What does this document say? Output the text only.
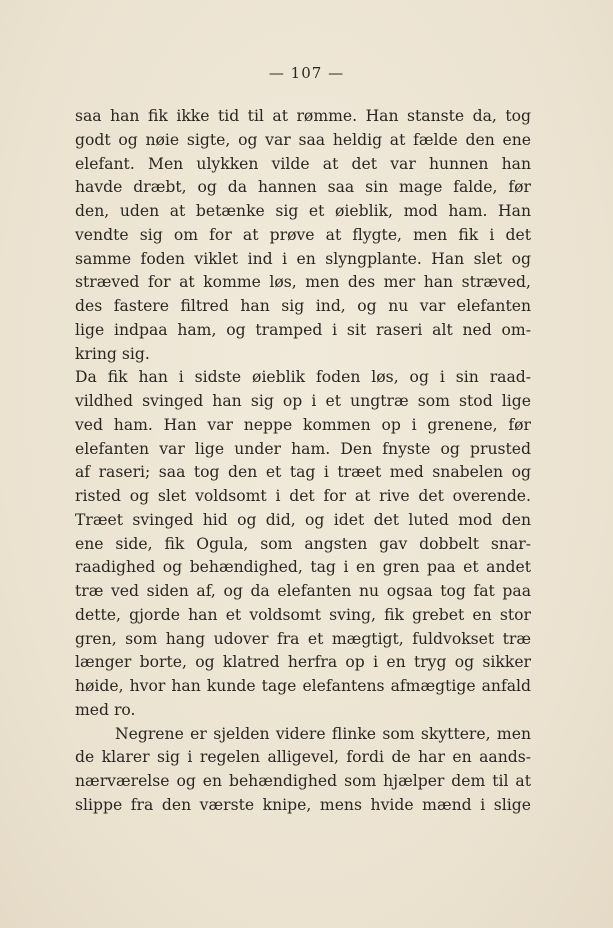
— 107 —
saa han fik ikke tid til at rømme. Han stanste da, tog
godt og nøie sigte, og var saa heldig at fælde den ene
elefant. Men ulykken vilde at det var hunnen han
havde dræbt, og da hannen saa sin mage falde, før
den, uden at betænke sig et øieblik, mod ham. Han
vendte sig om for at prøve at flygte, men fik i det
samme foden viklet ind i en slyngplante. Han slet og
stræved for at komme løs, men des mer han stræved,
des fastere filtred han sig ind, og nu var elefanten
lige indpaa ham, og tramped i sit raseri alt ned om-
kring sig.
Da fik han i sidste øieblik foden løs, og i sin raad-
vildhed svinged han sig op i et ungtræ som stod lige
ved ham. Han var neppe kommen op i grenene, før
elefanten var lige under ham. Den fnyste og prusted
af raseri; saa tog den et tag i træet med snabelen og
risted og slet voldsomt i det for at rive det overende.
Træet svinged hid og did, og idet det luted mod den
ene side, fik Ogula, som angsten gav dobbelt snar-
raadighed og behændighed, tag i en gren paa et andet
træ ved siden af, og da elefanten nu ogsaa tog fat paa
dette, gjorde han et voldsomt sving, fik grebet en stor
gren, som hang udover fra et mægtigt, fuldvokset træ
længer borte, og klatred herfra op i en tryg og sikker
høide, hvor han kunde tage elefantens afmægtige anfald
med ro.
Negrene er sjelden videre flinke som skyttere, men
de klarer sig i regelen alligevel, fordi de har en aands-
nærværelse og en behændighed som hjælper dem til at
slippe fra den værste knipe, mens hvide mænd i slige
